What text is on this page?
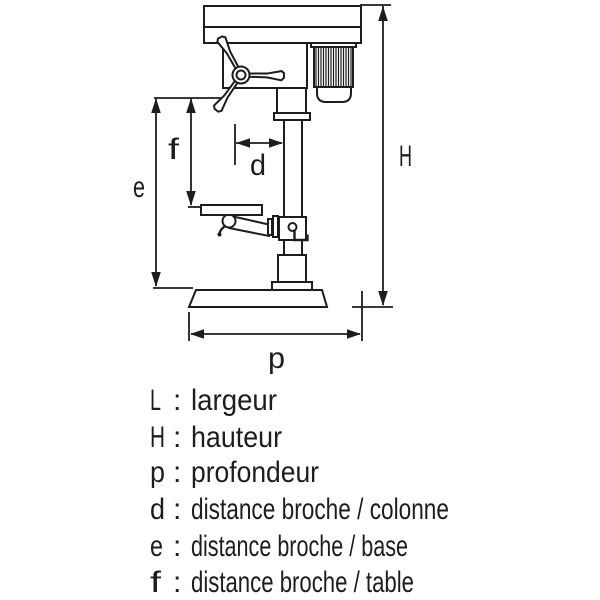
H
e
f d
p
L : largeur
H : hauteur
p : profondeur
d : distance broche / colonne
e : distance broche / base
f : distance broche / table
